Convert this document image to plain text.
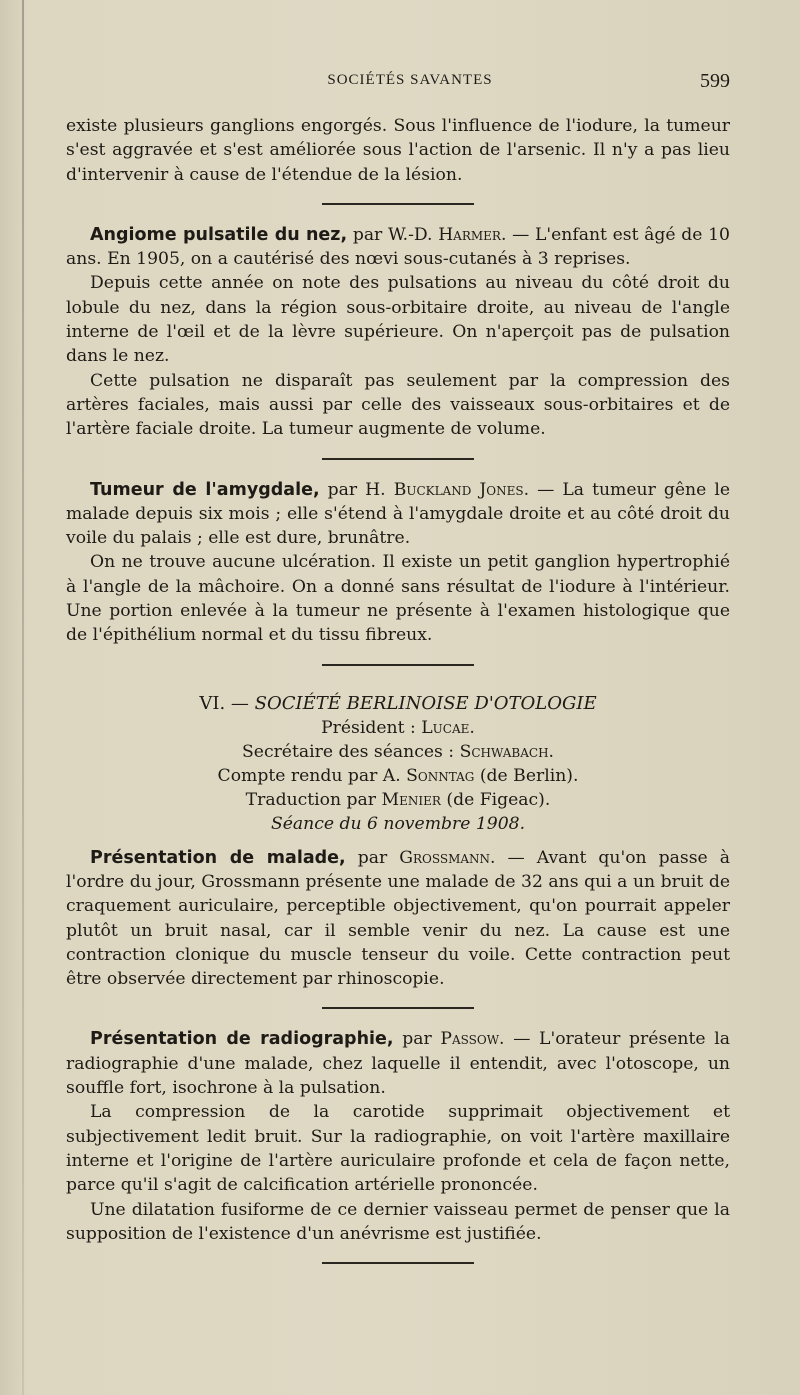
SOCIÉTÉS SAVANTES	599

existe plusieurs ganglions engorgés. Sous l'influence de l'iodure, la tumeur s'est aggravée et s'est améliorée sous l'action de l'arsenic. Il n'y a pas lieu d'intervenir à cause de l'étendue de la lésion.

Angiome pulsatile du nez, par W.-D. Harmer. — L'enfant est âgé de 10 ans. En 1905, on a cautérisé des nœvi sous-cutanés à 3 reprises.

Depuis cette année on note des pulsations au niveau du côté droit du lobule du nez, dans la région sous-orbitaire droite, au niveau de l'angle interne de l'œil et de la lèvre supérieure. On n'aperçoit pas de pulsation dans le nez.

Cette pulsation ne disparaît pas seulement par la compression des artères faciales, mais aussi par celle des vaisseaux sous-orbitaires et de l'artère faciale droite. La tumeur augmente de volume.

Tumeur de l'amygdale, par H. Buckland Jones. — La tumeur gêne le malade depuis six mois ; elle s'étend à l'amygdale droite et au côté droit du voile du palais ; elle est dure, brunâtre.

On ne trouve aucune ulcération. Il existe un petit ganglion hypertrophié à l'angle de la mâchoire. On a donné sans résultat de l'iodure à l'intérieur. Une portion enlevée à la tumeur ne présente à l'examen histologique que de l'épithélium normal et du tissu fibreux.

VI. — SOCIÉTÉ BERLINOISE D'OTOLOGIE
Président : Lucae.
Secrétaire des séances : Schwabach.
Compte rendu par A. Sonntag (de Berlin).
Traduction par Menier (de Figeac).
Séance du 6 novembre 1908.

Présentation de malade, par Grossmann. — Avant qu'on passe à l'ordre du jour, Grossmann présente une malade de 32 ans qui a un bruit de craquement auriculaire, perceptible objectivement, qu'on pourrait appeler plutôt un bruit nasal, car il semble venir du nez. La cause est une contraction clonique du muscle tenseur du voile. Cette contraction peut être observée directement par rhinoscopie.

Présentation de radiographie, par Passow. — L'orateur présente la radiographie d'une malade, chez laquelle il entendit, avec l'otoscope, un souffle fort, isochrone à la pulsation.

La compression de la carotide supprimait objectivement et subjectivement ledit bruit. Sur la radiographie, on voit l'artère maxillaire interne et l'origine de l'artère auriculaire profonde et cela de façon nette, parce qu'il s'agit de calcification artérielle prononcée.

Une dilatation fusiforme de ce dernier vaisseau permet de penser que la supposition de l'existence d'un anévrisme est justifiée.
